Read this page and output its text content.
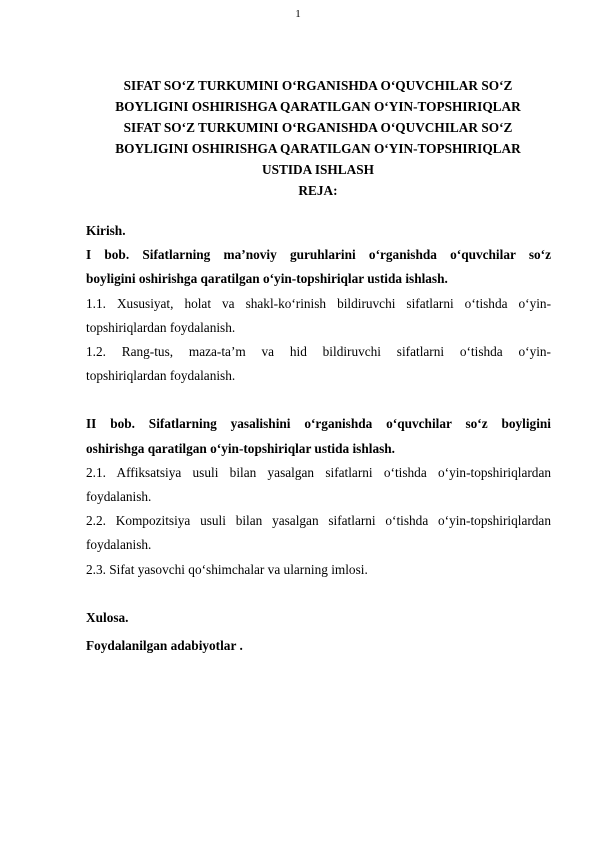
1
SIFAT SO‘Z TURKUMINI O‘RGANISHDA O‘QUVCHILAR SO‘Z
BOYLIGINI OSHIRISHGA QARATILGAN O‘YIN-TOPSHIRIQLAR
SIFAT SO‘Z TURKUMINI O‘RGANISHDA O‘QUVCHILAR SO‘Z
BOYLIGINI OSHIRISHGA QARATILGAN O‘YIN-TOPSHIRIQLAR
USTIDA ISHLASH
REJA:
Kirish.
I bob. Sifatlarning ma’noviy guruhlarini o‘rganishda o‘quvchilar so‘z
boyligini oshirishga qaratilgan o‘yin-topshiriqlar ustida ishlash.
1.1. Xususiyat, holat va shakl-ko‘rinish bildiruvchi sifatlarni o‘tishda o‘yin-
topshiriqlardan foydalanish.
1.2. Rang-tus, maza-ta’m va hid bildiruvchi sifatlarni o‘tishda o‘yin-
topshiriqlardan foydalanish.
II bob. Sifatlarning yasalishini o‘rganishda o‘quvchilar so‘z boyligini
oshirishga qaratilgan o‘yin-topshiriqlar ustida ishlash.
2.1. Affiksatsiya usuli bilan yasalgan sifatlarni o‘tishda o‘yin-topshiriqlardan
foydalanish.
2.2. Kompozitsiya usuli bilan yasalgan sifatlarni o‘tishda o‘yin-topshiriqlardan
foydalanish.
2.3. Sifat yasovchi qo‘shimchalar va ularning imlosi.
Xulosa.
Foydalanilgan adabiyotlar .
